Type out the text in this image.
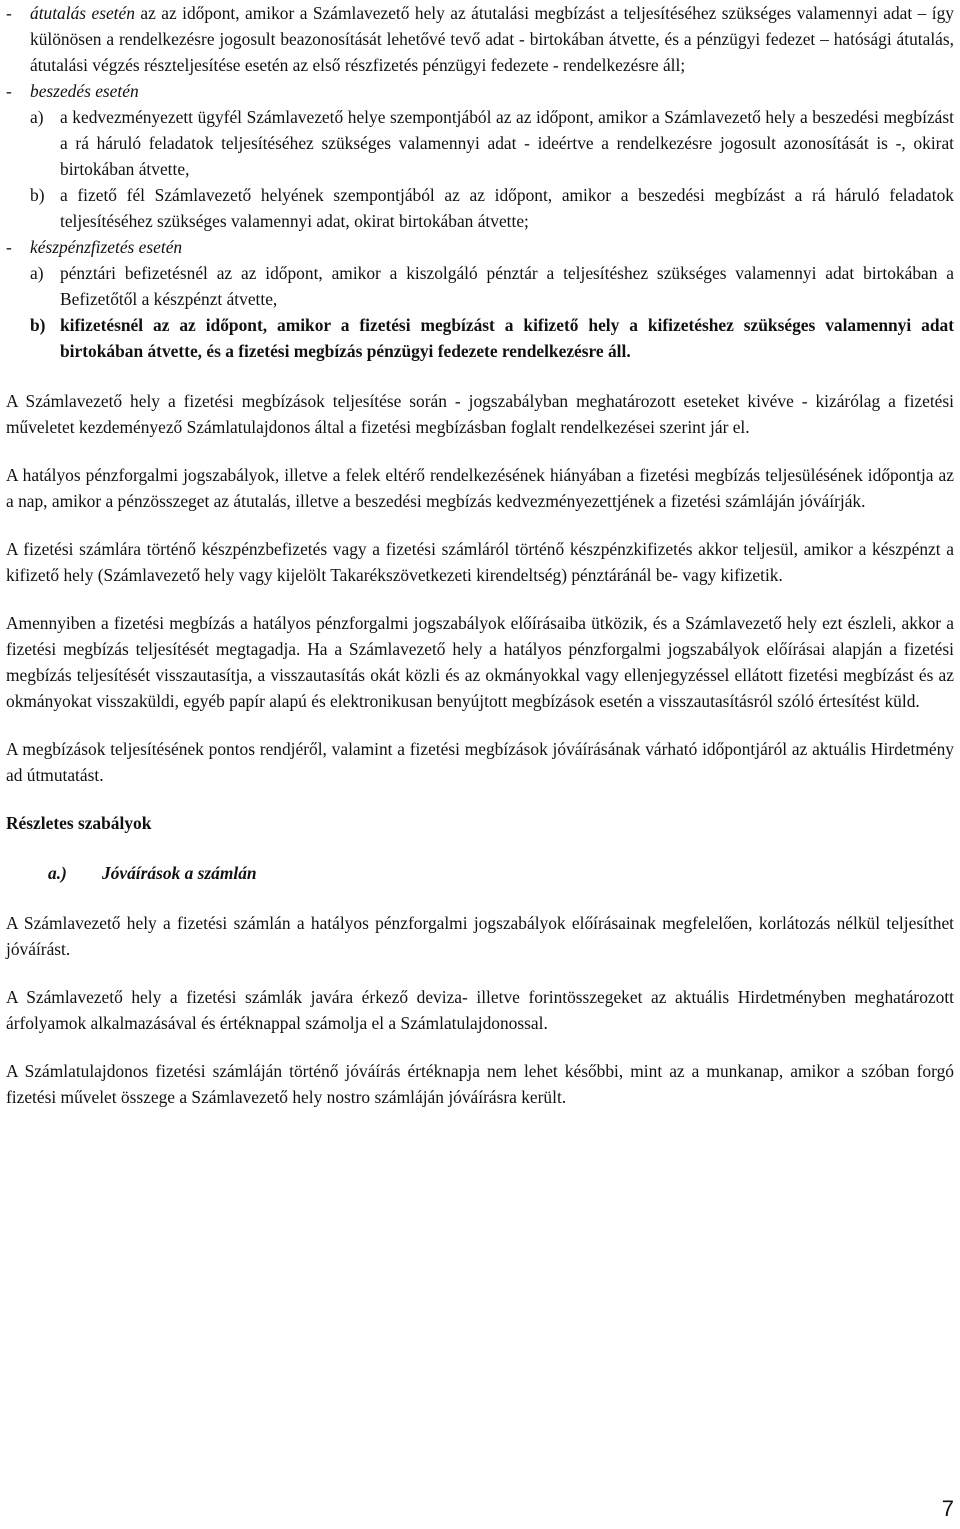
-	átutalás esetén az az időpont, amikor a Számlavezető hely az átutalási megbízást a teljesítéséhez szükséges valamennyi adat – így különösen a rendelkezésre jogosult beazonosítását lehetővé tevő adat - birtokában átvette, és a pénzügyi fedezet – hatósági átutalás, átutalási végzés részteljesítése esetén az első részfizetés pénzügyi fedezete - rendelkezésre áll;

-	beszedés esetén
a) a kedvezményezett ügyfél Számlavezető helye szempontjából az az időpont, amikor a Számlavezető hely a beszedési megbízást a rá háruló feladatok teljesítéséhez szükséges valamennyi adat - ideértve a rendelkezésre jogosult azonosítását is -, okirat birtokában átvette,
b) a fizető fél Számlavezető helyének szempontjából az az időpont, amikor a beszedési megbízást a rá háruló feladatok teljesítéséhez szükséges valamennyi adat, okirat birtokában átvette;
-	készpénzfizetés esetén
a) pénztári befizetésnél az az időpont, amikor a kiszolgáló pénztár a teljesítéshez szükséges valamennyi adat birtokában a Befizetőtől a készpénzt átvette,
b) kifizetésnél az az időpont, amikor a fizetési megbízást a kifizető hely a kifizetéshez szükséges valamennyi adat birtokában átvette, és a fizetési megbízás pénzügyi fedezete rendelkezésre áll.

A Számlavezető hely a fizetési megbízások teljesítése során - jogszabályban meghatározott eseteket kivéve - kizárólag a fizetési műveletet kezdeményező Számlatulajdonos által a fizetési megbízásban foglalt rendelkezései szerint jár el.

A hatályos pénzforgalmi jogszabályok, illetve a felek eltérő rendelkezésének hiányában a fizetési megbízás teljesülésének időpontja az a nap, amikor a pénzösszeget az átutalás, illetve a beszedési megbízás kedvezményezettjének a fizetési számláján jóváírják.

A fizetési számlára történő készpénzbefizetés vagy a fizetési számláról történő készpénzkifizetés akkor teljesül, amikor a készpénzt a kifizető hely (Számlavezető hely vagy kijelölt Takarékszövetkezeti kirendeltség) pénztáránál be- vagy kifizetik.

Amennyiben a fizetési megbízás a hatályos pénzforgalmi jogszabályok előírásaiba ütközik, és a Számlavezető hely ezt észleli, akkor a fizetési megbízás teljesítését megtagadja. Ha a Számlavezető hely a hatályos pénzforgalmi jogszabályok előírásai alapján a fizetési megbízás teljesítését visszautasítja, a visszautasítás okát közli és az okmányokkal vagy ellenjegyzéssel ellátott fizetési megbízást és az okmányokat visszaküldi, egyéb papír alapú és elektronikusan benyújtott megbízások esetén a visszautasításról szóló értesítést küld.

A megbízások teljesítésének pontos rendjéről, valamint a fizetési megbízások jóváírásának várható időpontjáról az aktuális Hirdetmény ad útmutatást.

Részletes szabályok

a.)	Jóváírások a számlán

A Számlavezető hely a fizetési számlán a hatályos pénzforgalmi jogszabályok előírásainak megfelelően, korlátozás nélkül teljesíthet jóváírást.

A Számlavezető hely a fizetési számlák javára érkező deviza- illetve forintösszegeket az aktuális Hirdetményben meghatározott árfolyamok alkalmazásával és értéknappal számolja el a Számlatulajdonossal.

A Számlatulajdonos fizetési számláján történő jóváírás értéknapja nem lehet későbbi, mint az a munkanap, amikor a szóban forgó fizetési művelet összege a Számlavezető hely nostro számláján jóváírásra került.

7
